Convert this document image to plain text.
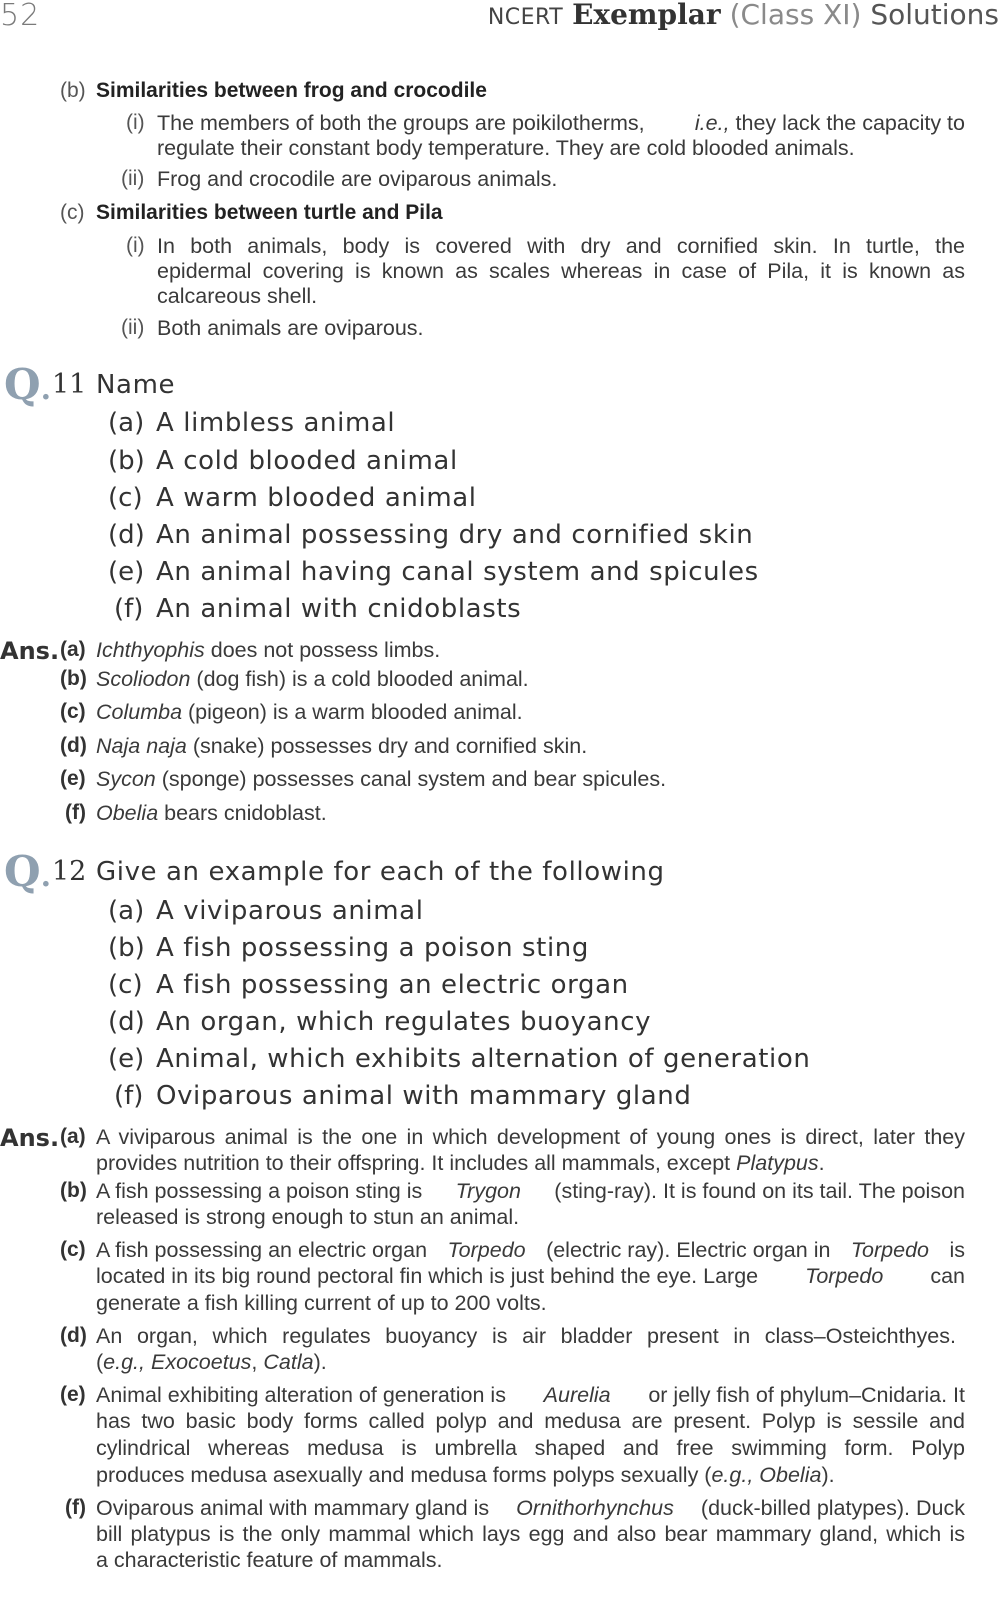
52	NCERT Exemplar (Class XI) Solutions
(b) Similarities between frog and crocodile
(i) The members of both the groups are poikilotherms, i.e., they lack the capacity to
regulate their constant body temperature. They are cold blooded animals.
(ii) Frog and crocodile are oviparous animals.
(c) Similarities between turtle and Pila
(i) In both animals, body is covered with dry and cornified skin. In turtle, the
epidermal covering is known as scales whereas in case of Pila, it is known as
calcareous shell.
(ii) Both animals are oviparous.
Q . 11 Name
(a) A limbless animal
(b) A cold blooded animal
(c) A warm blooded animal
(d) An animal possessing dry and cornified skin
(e) An animal having canal system and spicules
(f) An animal with cnidoblasts
Ans. (a) Ichthyophis does not possess limbs.
(b) Scoliodon (dog fish) is a cold blooded animal.
(c) Columba (pigeon) is a warm blooded animal.
(d) Naja naja (snake) possesses dry and cornified skin.
(e) Sycon (sponge) possesses canal system and bear spicules.
(f) Obelia bears cnidoblast.
Q . 12 Give an example for each of the following
(a) A viviparous animal
(b) A fish possessing a poison sting
(c) A fish possessing an electric organ
(d) An organ, which regulates buoyancy
(e) Animal, which exhibits alternation of generation
(f) Oviparous animal with mammary gland
Ans. (a) A viviparous animal is the one in which development of young ones is direct, later they
provides nutrition to their offspring. It includes all mammals, except Platypus.
(b) A fish possessing a poison sting is Trygon (sting-ray). It is found on its tail. The poison
released is strong enough to stun an animal.
(c) A fish possessing an electric organ Torpedo (electric ray). Electric organ in Torpedo is
located in its big round pectoral fin which is just behind the eye. Large Torpedo can
generate a fish killing current of up to 200 volts.
(d) An organ, which regulates buoyancy is air bladder present in class–Osteichthyes.
(e.g., Exocoetus, Catla).
(e) Animal exhibiting alteration of generation is Aurelia or jelly fish of phylum–Cnidaria. It
has two basic body forms called polyp and medusa are present. Polyp is sessile and
cylindrical whereas medusa is umbrella shaped and free swimming form. Polyp
produces medusa asexually and medusa forms polyps sexually (e.g., Obelia).
(f) Oviparous animal with mammary gland is Ornithorhynchus (duck-billed platypes). Duck
bill platypus is the only mammal which lays egg and also bear mammary gland, which is
a characteristic feature of mammals.
